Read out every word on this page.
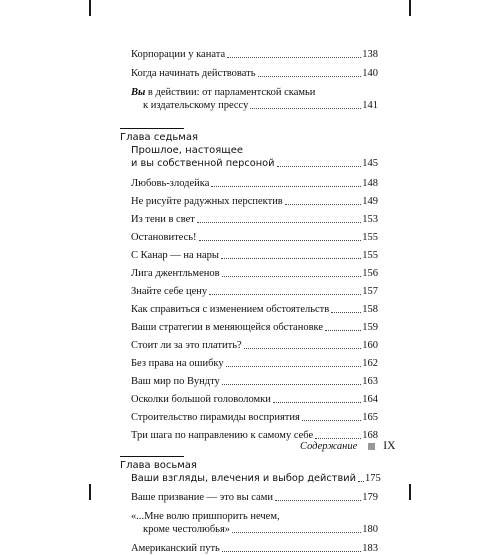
Корпорации у каната	138
Когда начинать действовать	140
Вы в действии: от парламентской скамьи
к издательскому прессу	141
Глава седьмая
Прошлое, настоящее
и вы собственной персоной	145
Любовь-злодейка	148
Не рисуйте радужных перспектив	149
Из тени в свет	153
Остановитесь!	155
С Канар — на нары	155
Лига джентльменов	156
Знайте себе цену	157
Как справиться с изменением обстоятельств	158
Ваши стратегии в меняющейся обстановке	159
Стоит ли за это платить?	160
Без права на ошибку	162
Ваш мир по Вундту	163
Осколки большой головоломки	164
Строительство пирамиды восприятия	165
Три шага по направлению к самому себе	168
Глава восьмая
Ваши взгляды, влечения и выбор действий 175
Ваше призвание — это вы сами	179
«...Мне волю пришпорить нечем,
кроме честолюбья»	180
Американский путь	183
Содержание IX
